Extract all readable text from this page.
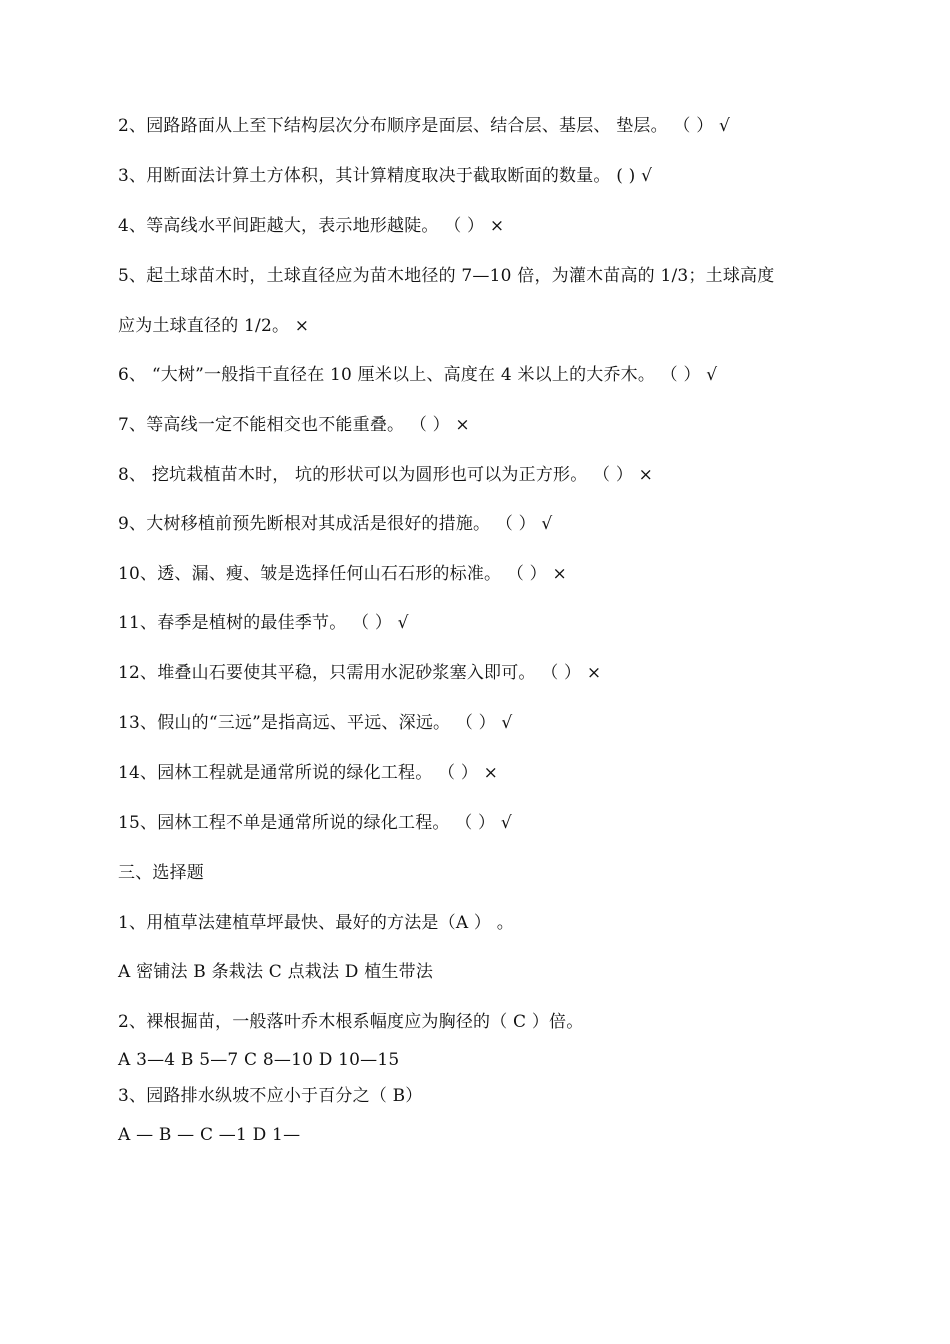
2、园路路面从上至下结构层次分布顺序是面层、结合层、基层、 垫层。 （ ） √
3、用断面法计算土方体积，其计算精度取决于截取断面的数量。 ( ) √
4、等高线水平间距越大，表示地形越陡。 （ ） ×
5、起土球苗木时，土球直径应为苗木地径的 7—10 倍，为灌木苗高的 1/3；土球高度
应为土球直径的 1/2。 ×
6、 “大树”一般指干直径在 10 厘米以上、高度在 4 米以上的大乔木。 （ ） √
7、等高线一定不能相交也不能重叠。 （ ） ×
8、 挖坑栽植苗木时， 坑的形状可以为圆形也可以为正方形。 （ ） ×
9、大树移植前预先断根对其成活是很好的措施。 （ ） √
10、透、漏、瘦、皱是选择任何山石石形的标准。 （ ） ×
11、春季是植树的最佳季节。 （ ） √
12、堆叠山石要使其平稳，只需用水泥砂浆塞入即可。 （ ） ×
13、假山的“三远”是指高远、平远、深远。 （ ） √
14、园林工程就是通常所说的绿化工程。 （ ） ×
15、园林工程不单是通常所说的绿化工程。 （ ） √
三、选择题
1、用植草法建植草坪最快、最好的方法是（A ） 。
A 密铺法 B 条栽法 C 点栽法 D 植生带法
2、裸根掘苗，一般落叶乔木根系幅度应为胸径的（ C ）倍。
A 3—4 B 5—7 C 8—10 D 10—15
3、园路排水纵坡不应小于百分之（ B）
A — B — C —1 D 1—
